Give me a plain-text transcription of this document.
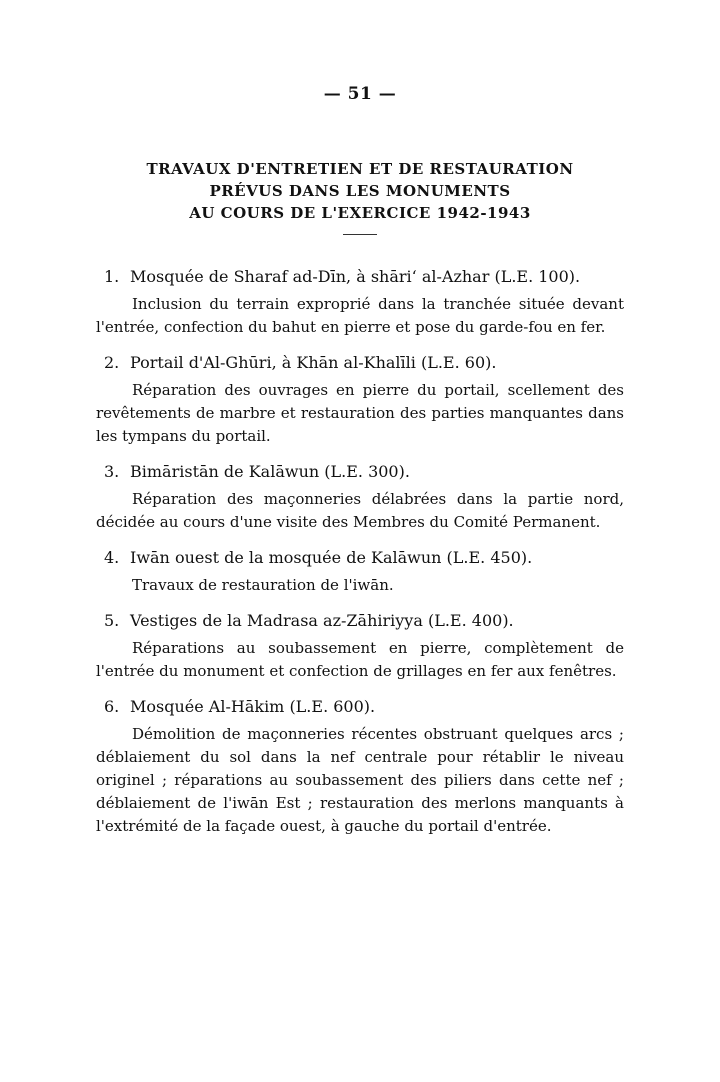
— 51 —
TRAVAUX D'ENTRETIEN ET DE RESTAURATION
PRÉVUS DANS LES MONUMENTS
AU COURS DE L'EXERCICE 1942-1943
1. Mosquée de Sharaf ad-Dīn, à shāri‘ al-Azhar (L.E. 100).

Inclusion du terrain exproprié dans la tranchée située devant l'entrée, confection du bahut en pierre et pose du garde-fou en fer.

2. Portail d'Al-Ghūri, à Khān al-Khalīli (L.E. 60).

Réparation des ouvrages en pierre du portail, scellement des revêtements de marbre et restauration des parties manquantes dans les tympans du portail.

3. Bimāristān de Kalāwun (L.E. 300).

Réparation des maçonneries délabrées dans la partie nord, décidée au cours d'une visite des Membres du Comité Permanent.

4. Iwān ouest de la mosquée de Kalāwun (L.E. 450).

Travaux de restauration de l'iwān.

5. Vestiges de la Madrasa az-Zāhiriyya (L.E. 400).

Réparations au soubassement en pierre, complètement de l'entrée du monument et confection de grillages en fer aux fenêtres.

6. Mosquée Al-Hākim (L.E. 600).

Démolition de maçonneries récentes obstruant quelques arcs ; déblaiement du sol dans la nef centrale pour rétablir le niveau originel ; réparations au soubassement des piliers dans cette nef ; déblaiement de l'iwān Est ; restauration des merlons manquants à l'extrémité de la façade ouest, à gauche du portail d'entrée.
